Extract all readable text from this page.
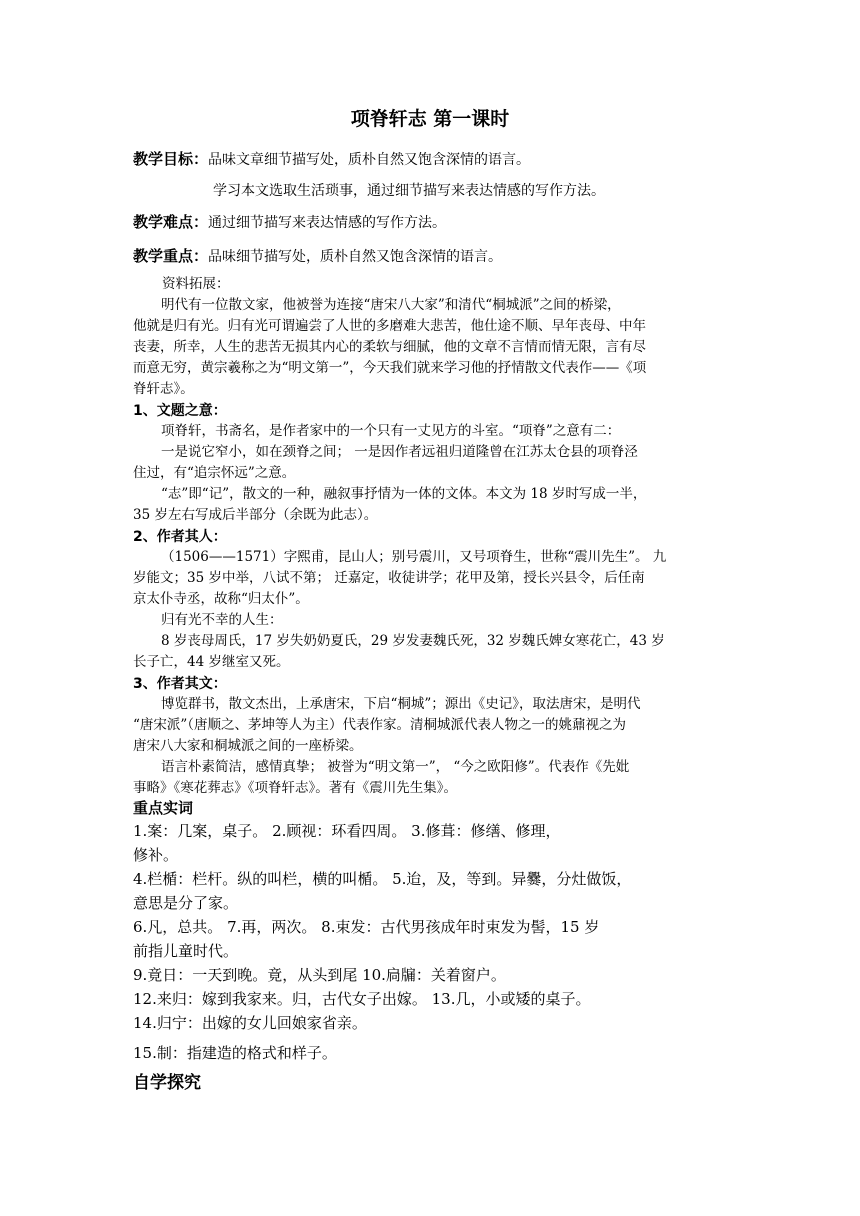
项脊轩志 第一课时
教学目标：品味文章细节描写处，质朴自然又饱含深情的语言。
学习本文选取生活琐事，通过细节描写来表达情感的写作方法。
教学难点：通过细节描写来表达情感的写作方法。
教学重点：品味细节描写处，质朴自然又饱含深情的语言。
资料拓展：
明代有一位散文家，他被誉为连接“唐宋八大家”和清代“桐城派”之间的桥梁，
他就是归有光。归有光可谓遍尝了人世的多磨难大悲苦，他仕途不顺、早年丧母、中年
丧妻，所幸，人生的悲苦无损其内心的柔软与细腻，他的文章不言情而情无限，言有尽
而意无穷，黄宗羲称之为“明文第一”，今天我们就来学习他的抒情散文代表作——《项
脊轩志》。
1、文题之意：
项脊轩，书斋名，是作者家中的一个只有一丈见方的斗室。“项脊”之意有二：
一是说它窄小，如在颈脊之间； 一是因作者远祖归道隆曾在江苏太仓县的项脊泾
住过，有“追宗怀远”之意。
“志”即“记”，散文的一种，融叙事抒情为一体的文体。本文为 18 岁时写成一半，
35 岁左右写成后半部分（余既为此志）。
2、作者其人：
（1506——1571）字熙甫，昆山人；别号震川，又号项脊生，世称“震川先生”。 九
岁能文；35 岁中举，八试不第； 迁嘉定，收徒讲学；花甲及第，授长兴县令，后任南
京太仆寺丞，故称“归太仆”。
归有光不幸的人生：
8 岁丧母周氏，17 岁失奶奶夏氏，29 岁发妻魏氏死，32 岁魏氏婢女寒花亡，43 岁
长子亡，44 岁继室又死。
3、作者其文：
博览群书，散文杰出，上承唐宋，下启“桐城”；源出《史记》，取法唐宋，是明代
“唐宋派”（唐顺之、茅坤等人为主）代表作家。清桐城派代表人物之一的姚鼐视之为
唐宋八大家和桐城派之间的一座桥梁。
语言朴素简洁，感情真挚； 被誉为“明文第一”， “今之欧阳修”。代表作《先妣
事略》《寒花葬志》《项脊轩志》。著有《震川先生集》。
重点实词
1.案：几案，桌子。 2.顾视：环看四周。 3.修葺：修缮、修理，
修补。
4.栏楯：栏杆。纵的叫栏，横的叫楯。 5.迨，及，等到。异爨，分灶做饭，
意思是分了家。
6.凡，总共。 7.再，两次。 8.束发：古代男孩成年时束发为髻，15 岁
前指儿童时代。
9.竟日：一天到晚。竟，从头到尾 10.扃牖：关着窗户。
12.来归：嫁到我家来。归，古代女子出嫁。 13.几，小或矮的桌子。
14.归宁：出嫁的女儿回娘家省亲。
15.制：指建造的格式和样子。
自学探究
